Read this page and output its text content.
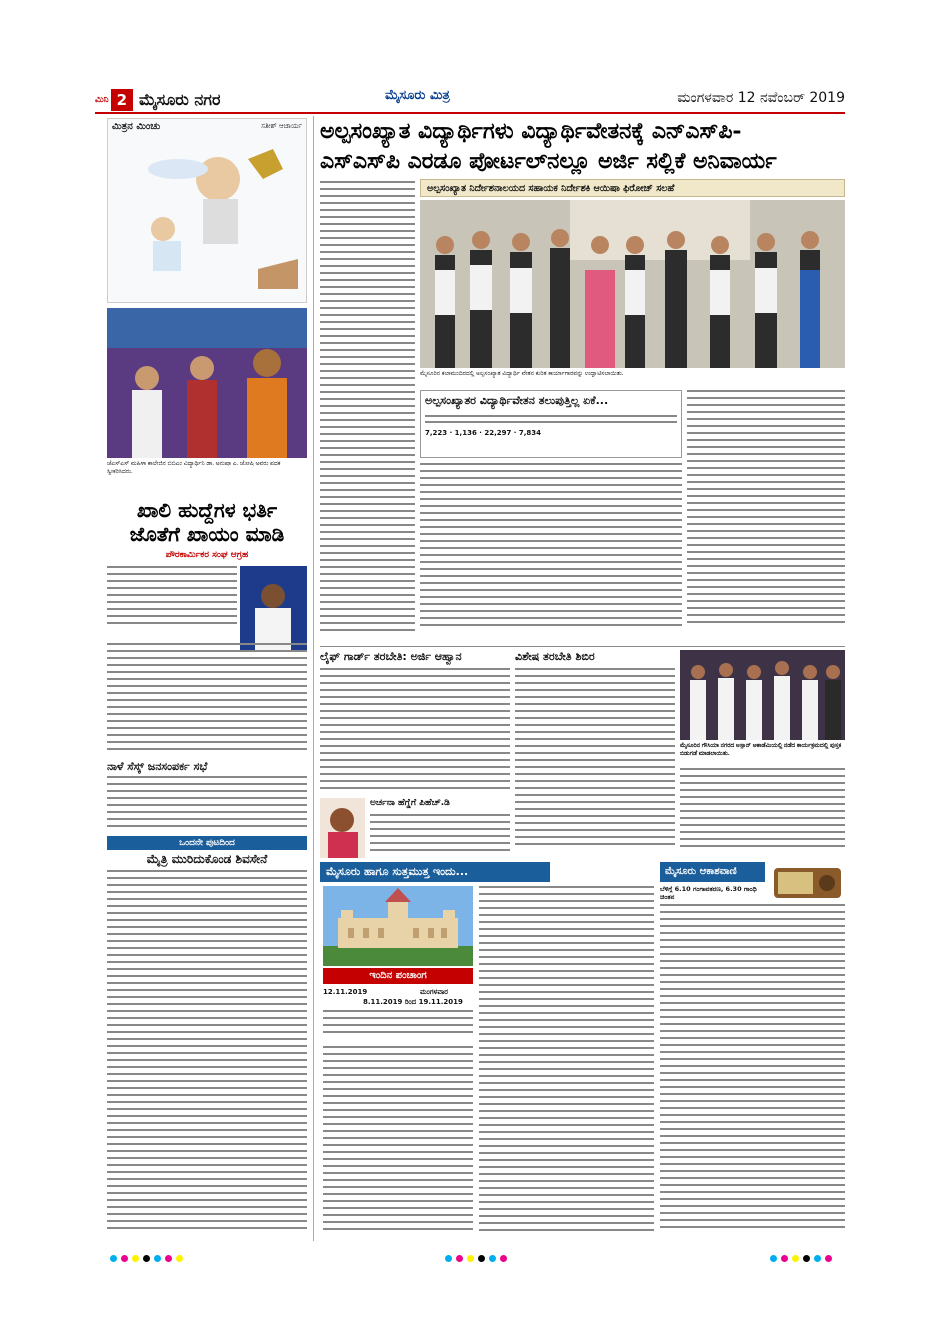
ಮಿನಿ 2 ಮೈಸೂರು ನಗರ	ಮೈಸೂರು ಮಿತ್ರ	ಮಂಗಳವಾರ 12 ನವೆಂಬರ್ 2019
ಮಿತ್ರನ ಮಿಂಚು	ಸತೀಶ್ ಆಚಾರ್ಯ
ಜೆಎಸ್‌ಎಸ್ ಮಹಿಳಾ ಕಾಲೇಜಿನ ಬಿಬಿಎಂ ವಿದ್ಯಾರ್ಥಿನಿ ಡಾ. ಅನುಷಾ ಎ. ಜೋಷಿ ಅವರು ಪದಕ ಸ್ವೀಕರಿಸಿದರು.
ಖಾಲಿ ಹುದ್ದೆಗಳ ಭರ್ತಿ
ಜೊತೆಗೆ ಖಾಯಂ ಮಾಡಿ
ಪೌರಕಾರ್ಮಿಕರ ಸಂಘ ಆಗ್ರಹ
ನಾಳೆ ಸೆಸ್ಕ್ ಜನಸಂಪರ್ಕ ಸಭೆ
ಒಂದನೇ ಪುಟದಿಂದ
ಮೈತ್ರಿ ಮುರಿದುಕೊಂಡ ಶಿವಸೇನೆ
ಅಲ್ಪಸಂಖ್ಯಾತ ವಿದ್ಯಾರ್ಥಿಗಳು ವಿದ್ಯಾರ್ಥಿವೇತನಕ್ಕೆ ಎನ್‌ಎಸ್‌ಪಿ-
ಎಸ್‌ಎಸ್‌ಪಿ ಎರಡೂ ಪೋರ್ಟಲ್‌ನಲ್ಲೂ ಅರ್ಜಿ ಸಲ್ಲಿಕೆ ಅನಿವಾರ್ಯ
ಅಲ್ಪಸಂಖ್ಯಾತ ನಿರ್ದೇಶನಾಲಯದ ಸಹಾಯಕ ನಿರ್ದೇಶಕಿ ಆಯಿಷಾ ಫಿರೋಜ್ ಸಲಹೆ
ಮೈಸೂರಿನ ಕಲಾಮಂದಿರದಲ್ಲಿ ಅಲ್ಪಸಂಖ್ಯಾತ ವಿದ್ಯಾರ್ಥಿ ವೇತನ ಕುರಿತ ಕಾರ್ಯಾಗಾರವನ್ನು ಉದ್ಘಾಟಿಸಲಾಯಿತು.
ಅಲ್ಪಸಂಖ್ಯಾತರ ವಿದ್ಯಾರ್ಥಿವೇತನ ತಲುಪುತ್ತಿಲ್ಲ ಏಕೆ...
7,223 · 1,136 · 22,297 · 7,834
ಲೈಫ್ ಗಾರ್ಡ್ ತರಬೇತಿ: ಅರ್ಜಿ ಆಹ್ವಾನ
ಅರ್ಚನಾ ಹೆಗ್ಡೆಗೆ ಪಿಹೆಚ್.ಡಿ
ವಿಶೇಷ ತರಬೇತಿ ಶಿಬಿರ
ಮೈಸೂರಿನ ಗೌಸಿಯಾ ನಗರದ ಅಸ್ಸಾನ್ ಅಕಾಡೆಮಿಯಲ್ಲಿ ನಡೆದ ಕಾರ್ಯಕ್ರಮದಲ್ಲಿ ಪುಸ್ತಕ ಬಿಡುಗಡೆ ಮಾಡಲಾಯಿತು.
ಮೈಸೂರು ಹಾಗೂ ಸುತ್ತಮುತ್ತ ಇಂದು...
ಇಂದಿನ ಪಂಚಾಂಗ
12.11.2019	ಮಂಗಳವಾರ
8.11.2019 ರಿಂದ 19.11.2019
ಮೈಸೂರು ಆಕಾಶವಾಣಿ
ಬೆಳಿಗ್ಗೆ 6.10 ಗಂಗಾವತರಣ, 6.30 ಗಾಂಧಿ ಚಿಂತನ
